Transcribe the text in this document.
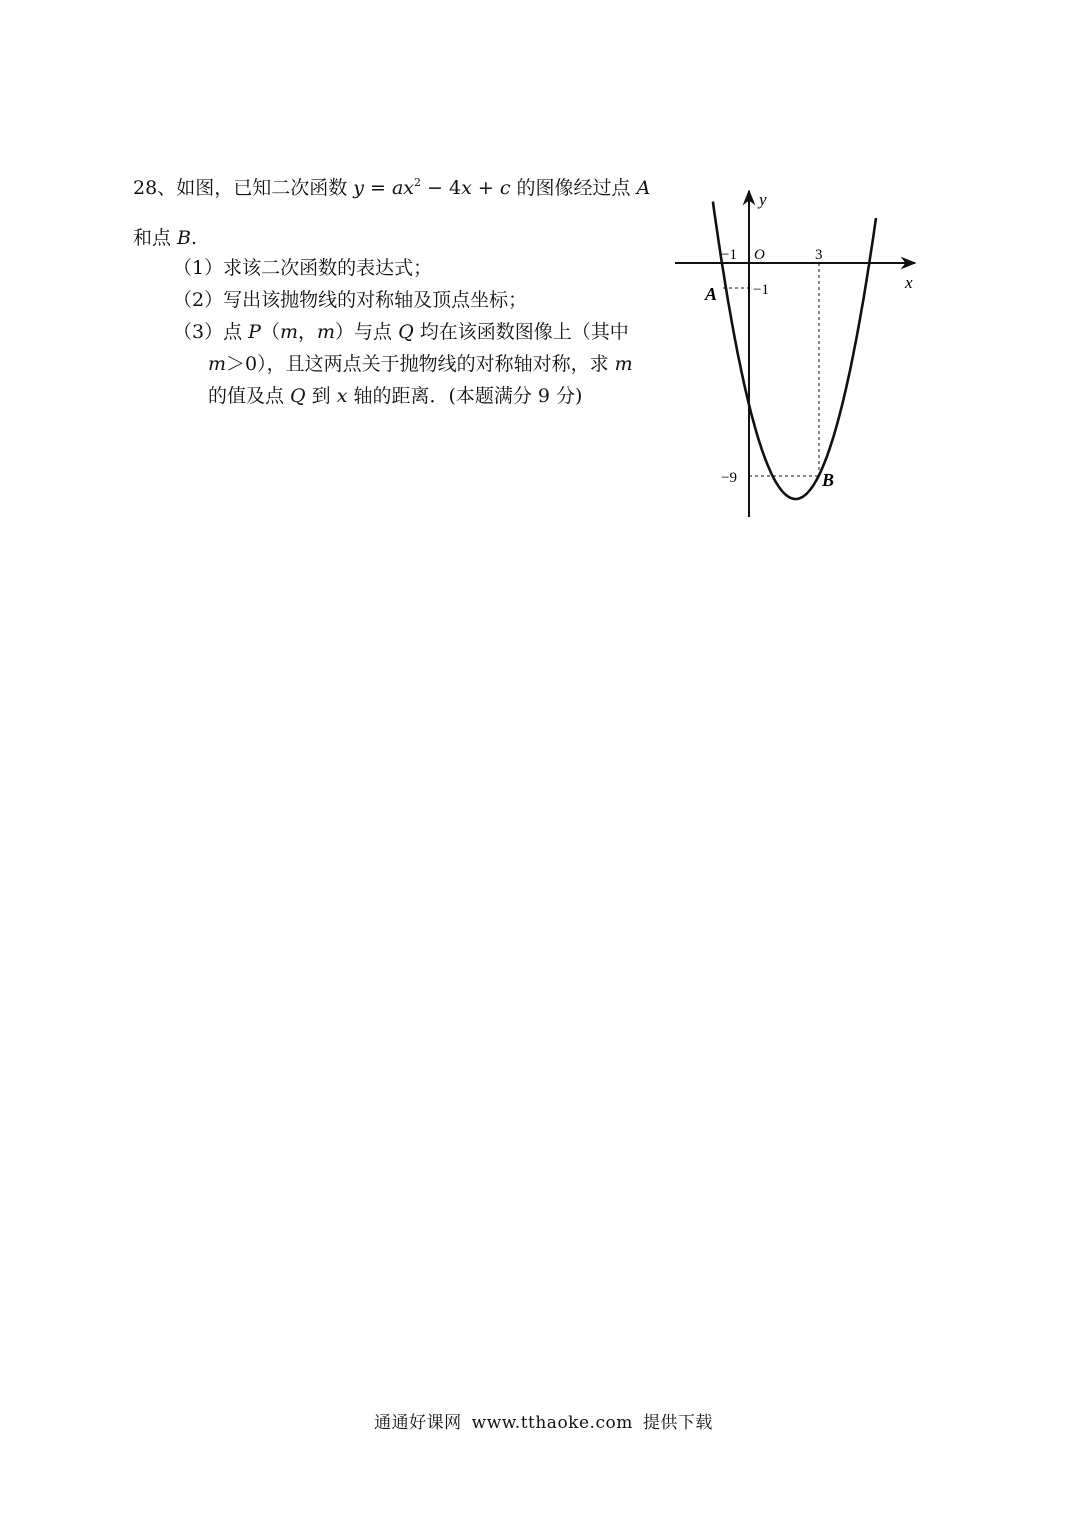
28、如图，已知二次函数 $y = ax^2 - 4x + c$ 的图像经过点 A
和点 B.
（1）求该二次函数的表达式；
（2）写出该抛物线的对称轴及顶点坐标；
（3）点 P（m，m）与点 Q 均在该函数图像上（其中
m＞0），且这两点关于抛物线的对称轴对称，求 m
的值及点 Q 到 x 轴的距离．(本题满分 9 分)
y
x
O
−1	3
−1
−9
A
B
通通好课网 www.tthaoke.com 提供下载
